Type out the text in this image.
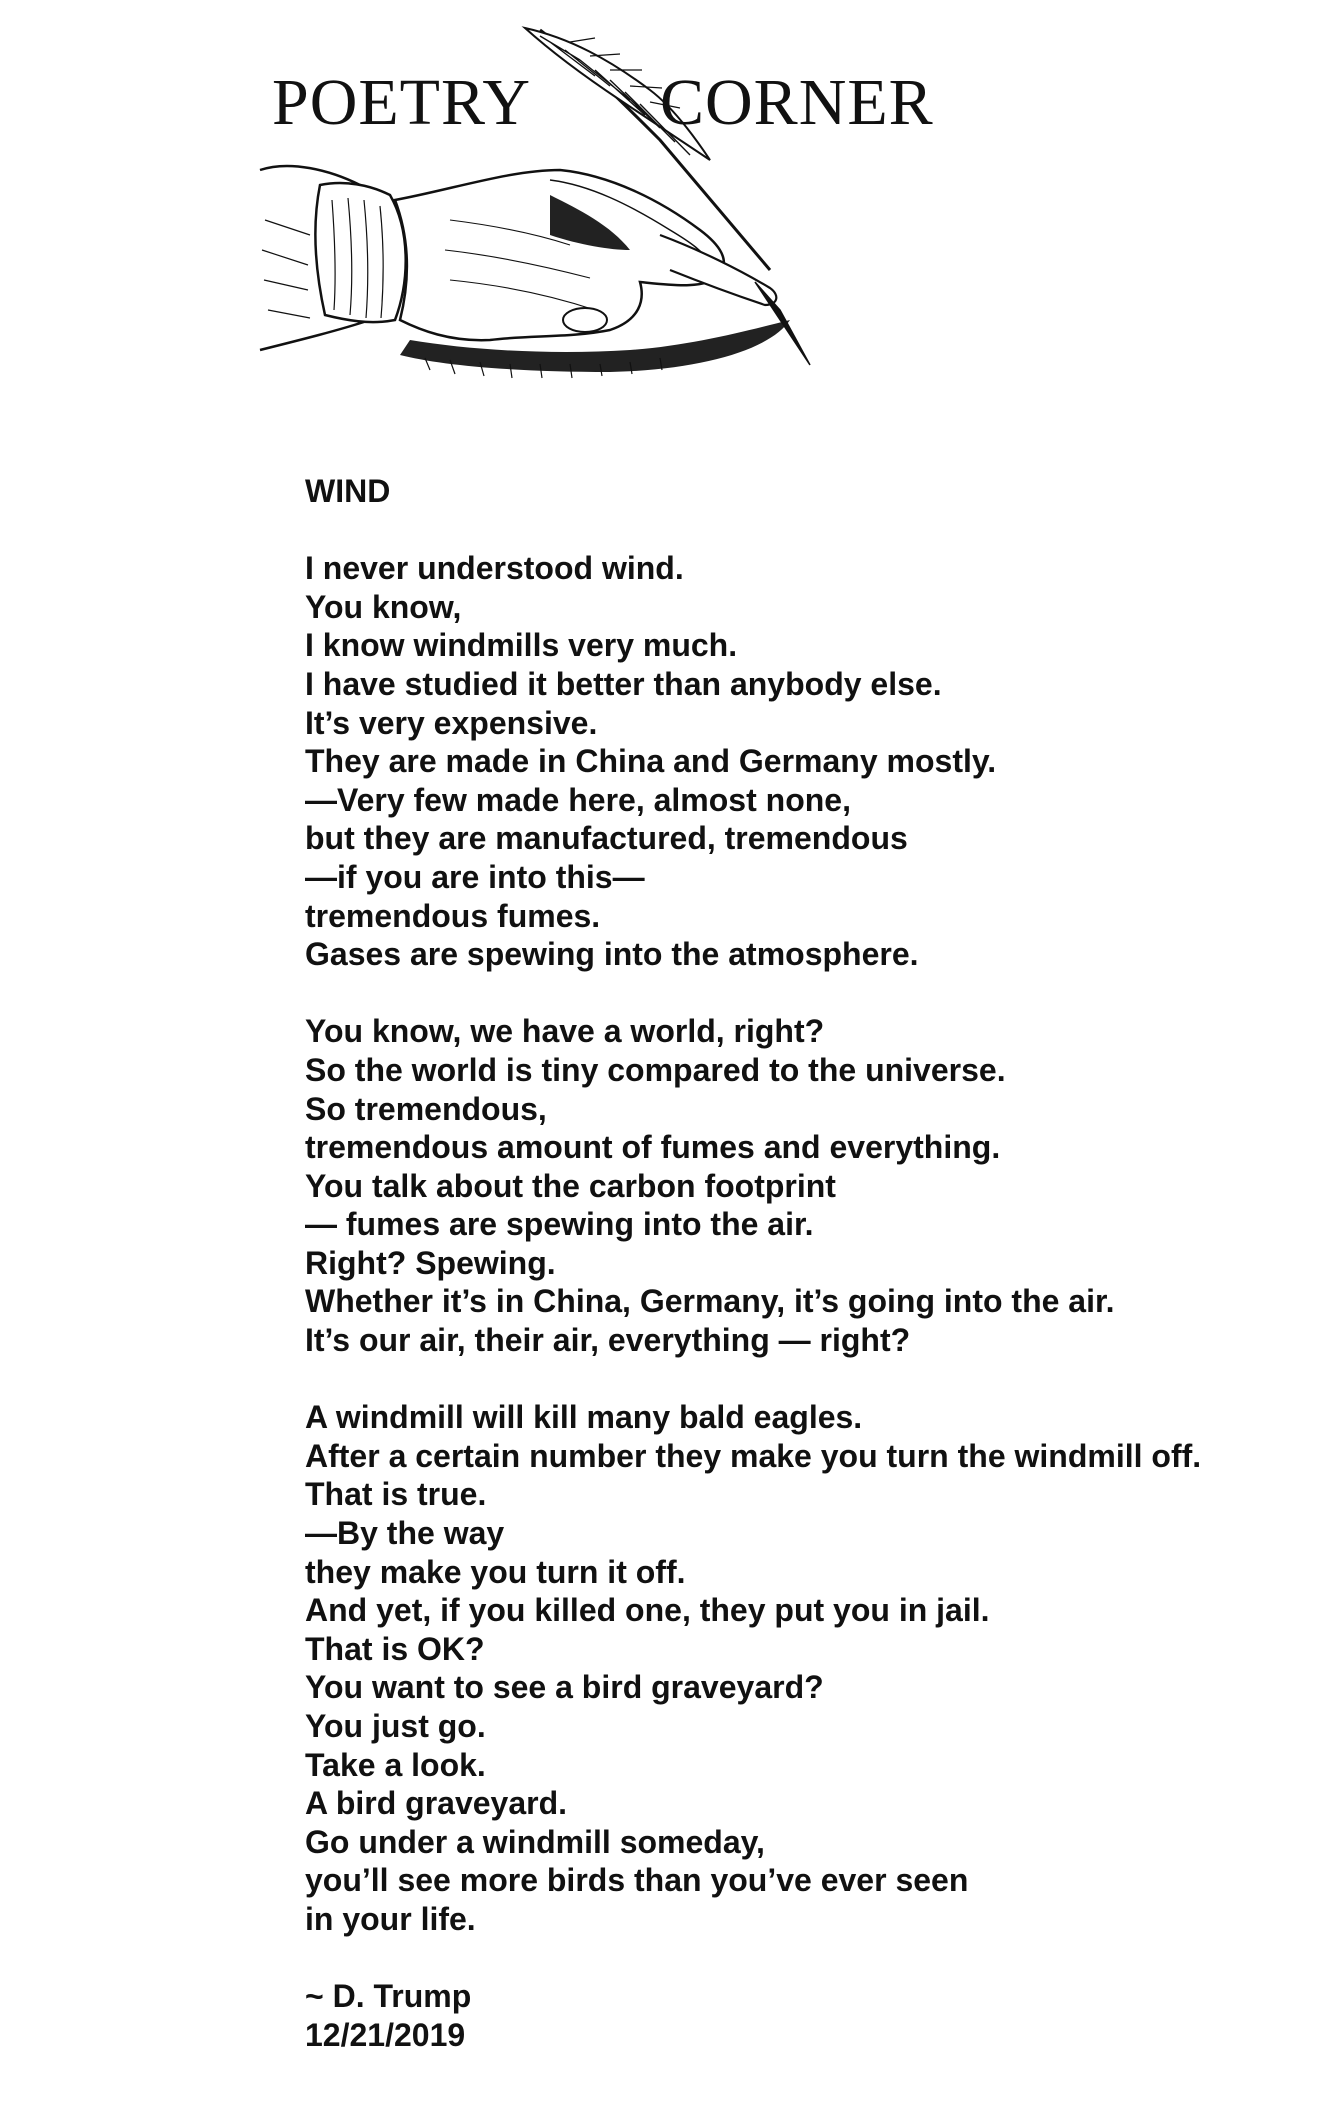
POETRY CORNER
WIND
I never understood wind.
You know,
I know windmills very much.
I have studied it better than anybody else.
It’s very expensive.
They are made in China and Germany mostly.
—Very few made here, almost none,
but they are manufactured, tremendous
—if you are into this—
tremendous fumes.
Gases are spewing into the atmosphere.
You know, we have a world, right?
So the world is tiny compared to the universe.
So tremendous,
tremendous amount of fumes and everything.
You talk about the carbon footprint
— fumes are spewing into the air.
Right? Spewing.
Whether it’s in China, Germany, it’s going into the air.
It’s our air, their air, everything — right?
A windmill will kill many bald eagles.
After a certain number they make you turn the windmill off.
That is true.
—By the way
they make you turn it off.
And yet, if you killed one, they put you in jail.
That is OK?
You want to see a bird graveyard?
You just go.
Take a look.
A bird graveyard.
Go under a windmill someday,
you’ll see more birds than you’ve ever seen
in your life.
~ D. Trump
12/21/2019
